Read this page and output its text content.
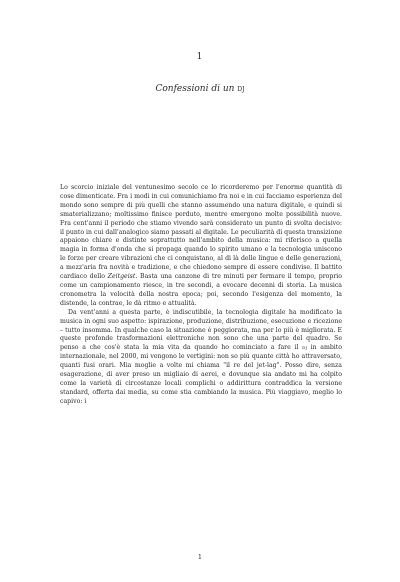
1
Confessioni di un dj

Lo scorcio iniziale del ventunesimo secolo ce lo ricorderemo per l'enorme quantità di cose dimenticate. Fra i modi in cui comunichiamo fra noi e in cui facciamo esperienza del mondo sono sempre di più quelli che stanno assumendo una natura digitale, e quindi si smaterializzano; moltissimo finisce perduto, mentre emergono molte possibilità nuove. Fra cent'anni il periodo che stiamo vivendo sarà considerato un punto di svolta decisivo: il punto in cui dall'analogico siamo passati al digitale. Le peculiarità di questa transizione appaiono chiare e distinte soprattutto nell'ambito della musica: mi riferisco a quella magia in forma d'onda che si propaga quando lo spirito umano e la tecnologia uniscono le forze per creare vibrazioni che ci conquistano, al di là delle lingue e delle generazioni, a mezz'aria fra novità e tradizione, e che chiedono sempre di essere condivise. Il battito cardiaco dello Zeitgeist. Basta una canzone di tre minuti per fermare il tempo, proprio come un campionamento riesce, in tre secondi, a evocare decenni di storia. La musica cronometra la velocità della nostra epoca; poi, secondo l'esigenza del momento, la distende, la contrae, le dà ritmo e attualità.

Da vent'anni a questa parte, è indiscutibile, la tecnologia digitale ha modificato la musica in ogni suo aspetto: ispirazione, produzione, distribuzione, esecuzione e ricezione – tutto insomma. In qualche caso la situazione è peggiorata, ma per lo più è migliorata. E queste profonde trasformazioni elettroniche non sono che una parte del quadro. Se penso a che cos'è stata la mia vita da quando ho cominciato a fare il dj in ambito internazionale, nel 2000, mi vengono le vertigini: non so più quante città ho attraversato, quanti fusi orari. Mia moglie a volte mi chiama "il re del jet-lag". Posso dire, senza esagerazione, di aver preso un migliaio di aerei, e dovunque sia andato mi ha colpito come la varietà di circostanze locali complichi o addirittura contraddica la versione standard, offerta dai media, su come stia cambiando la musica. Più viaggiavo, meglio lo capivo: i

1
